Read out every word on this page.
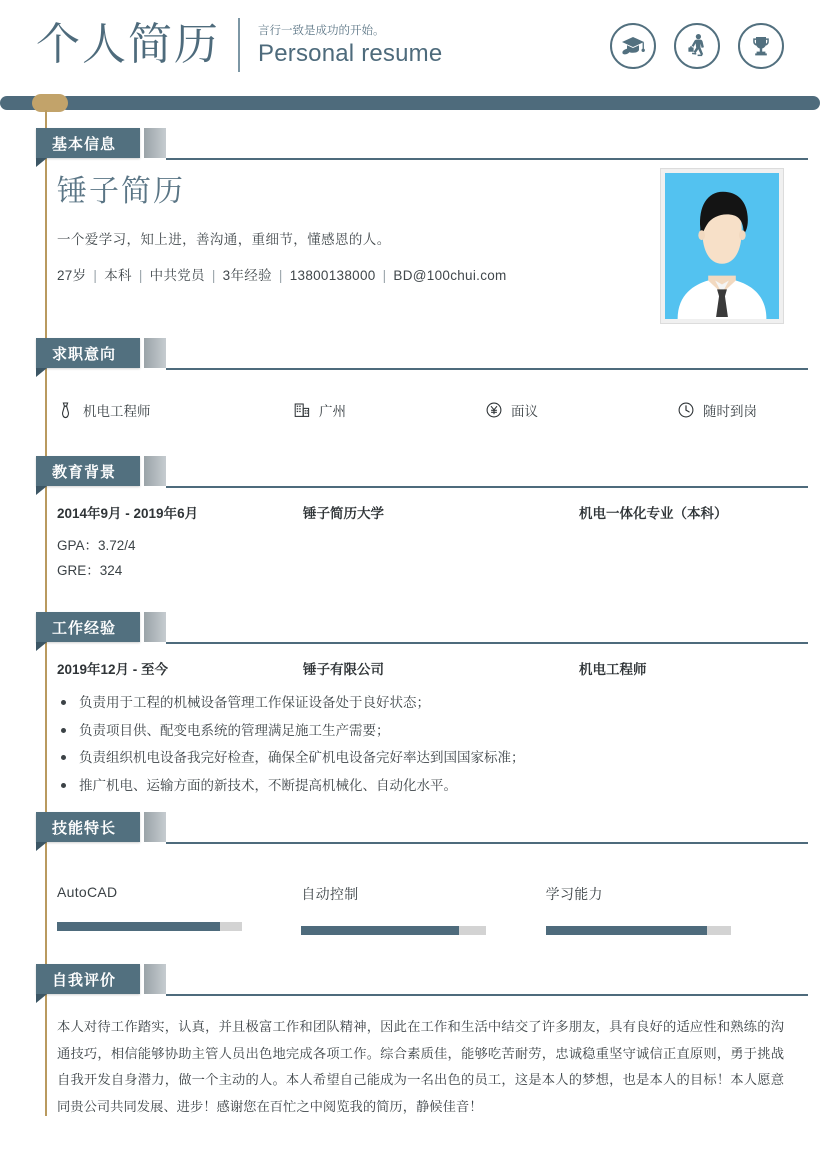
个人简历	言行一致是成功的开始。
Personal resume
基本信息
锤子简历
一个爱学习，知上进，善沟通，重细节，懂感恩的人。
27岁 | 本科 | 中共党员 | 3年经验 | 13800138000 | BD@100chui.com
求职意向
机电工程师	广州	面议	随时到岗
教育背景
2014年9月 - 2019年6月	锤子简历大学	机电一体化专业（本科）
GPA：3.72/4
GRE：324
工作经验
2019年12月 - 至今	锤子有限公司	机电工程师
负责用于工程的机械设备管理工作保证设备处于良好状态；
负责项目供、配变电系统的管理满足施工生产需要；
负责组织机电设备我完好检查，确保全矿机电设备完好率达到国国家标准；
推广机电、运输方面的新技术，不断提高机械化、自动化水平。
技能特长
AutoCAD	自动控制	学习能力
自我评价
本人对待工作踏实，认真，并且极富工作和团队精神，因此在工作和生活中结交了许多朋友，具有良好的适应性和熟练的沟通技巧，相信能够协助主管人员出色地完成各项工作。综合素质佳，能够吃苦耐劳，忠诚稳重坚守诚信正直原则，勇于挑战自我开发自身潜力，做一个主动的人。本人希望自己能成为一名出色的员工，这是本人的梦想，也是本人的目标！本人愿意同贵公司共同发展、进步！感谢您在百忙之中阅览我的简历，静候佳音！
